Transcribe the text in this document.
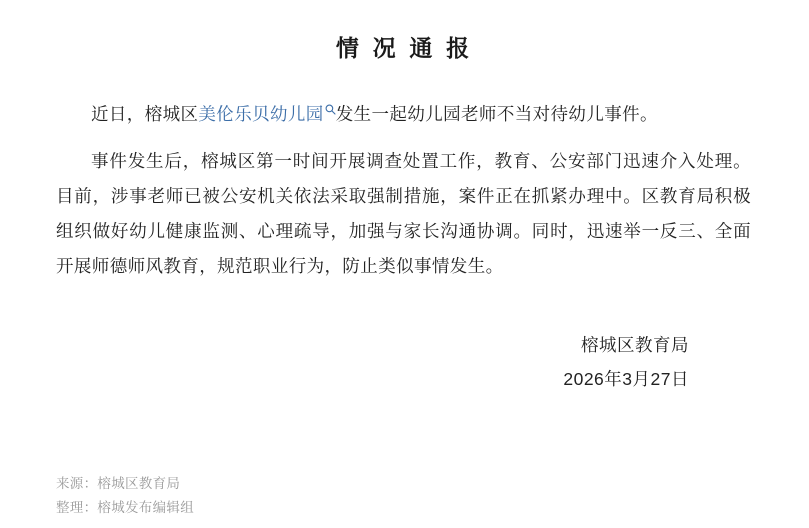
情 况 通 报

近日，榕城区美伦乐贝幼儿园 发生一起幼儿园老师不当对待幼儿事件。

事件发生后，榕城区第一时间开展调查处置工作，教育、公安部门迅速介入处理。目前，涉事老师已被公安机关依法采取强制措施，案件正在抓紧办理中。区教育局积极组织做好幼儿健康监测、心理疏导，加强与家长沟通协调。同时，迅速举一反三、全面开展师德师风教育，规范职业行为，防止类似事情发生。

榕城区教育局
2026年3月27日
来源：榕城区教育局
整理：榕城发布编辑组
